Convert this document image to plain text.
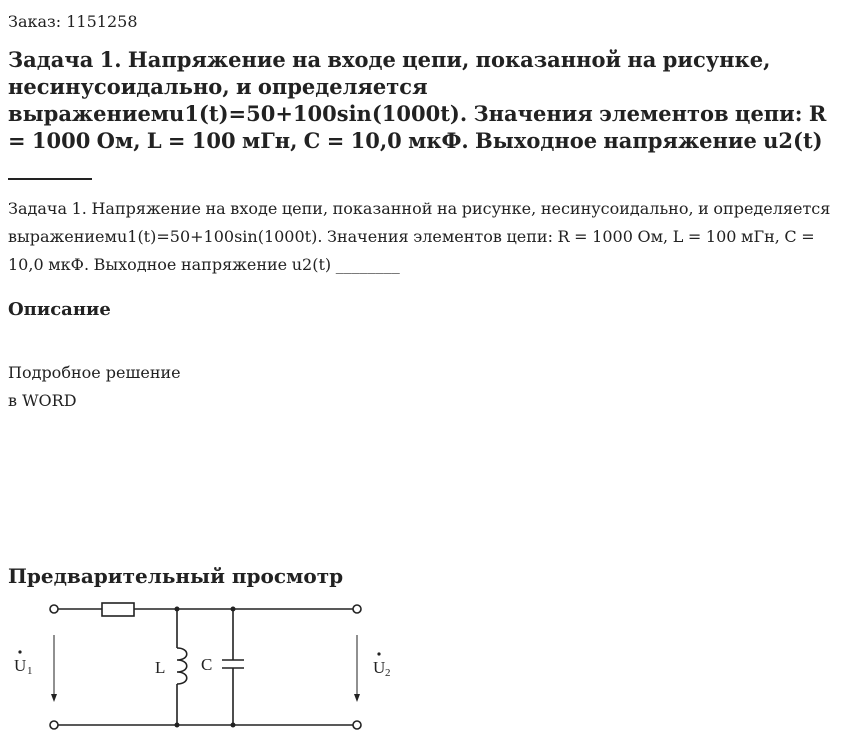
Заказ: 1151258

Задача 1. Напряжение на входе цепи, показанной на рисунке, несинусоидально, и определяется выражениемu1(t)=50+100sin(1000t). Значения элементов цепи: R = 1000 Ом, L = 100 мГн, С = 10,0 мкФ. Выходное напряжение u2(t) ________

Задача 1. Напряжение на входе цепи, показанной на рисунке, несинусоидально, и определяется выражениемu1(t)=50+100sin(1000t). Значения элементов цепи: R = 1000 Ом, L = 100 мГн, С = 10,0 мкФ. Выходное напряжение u2(t) ________

Описание

Подробное решение
в WORD

Предварительный просмотр

U 1	U 2
L C
